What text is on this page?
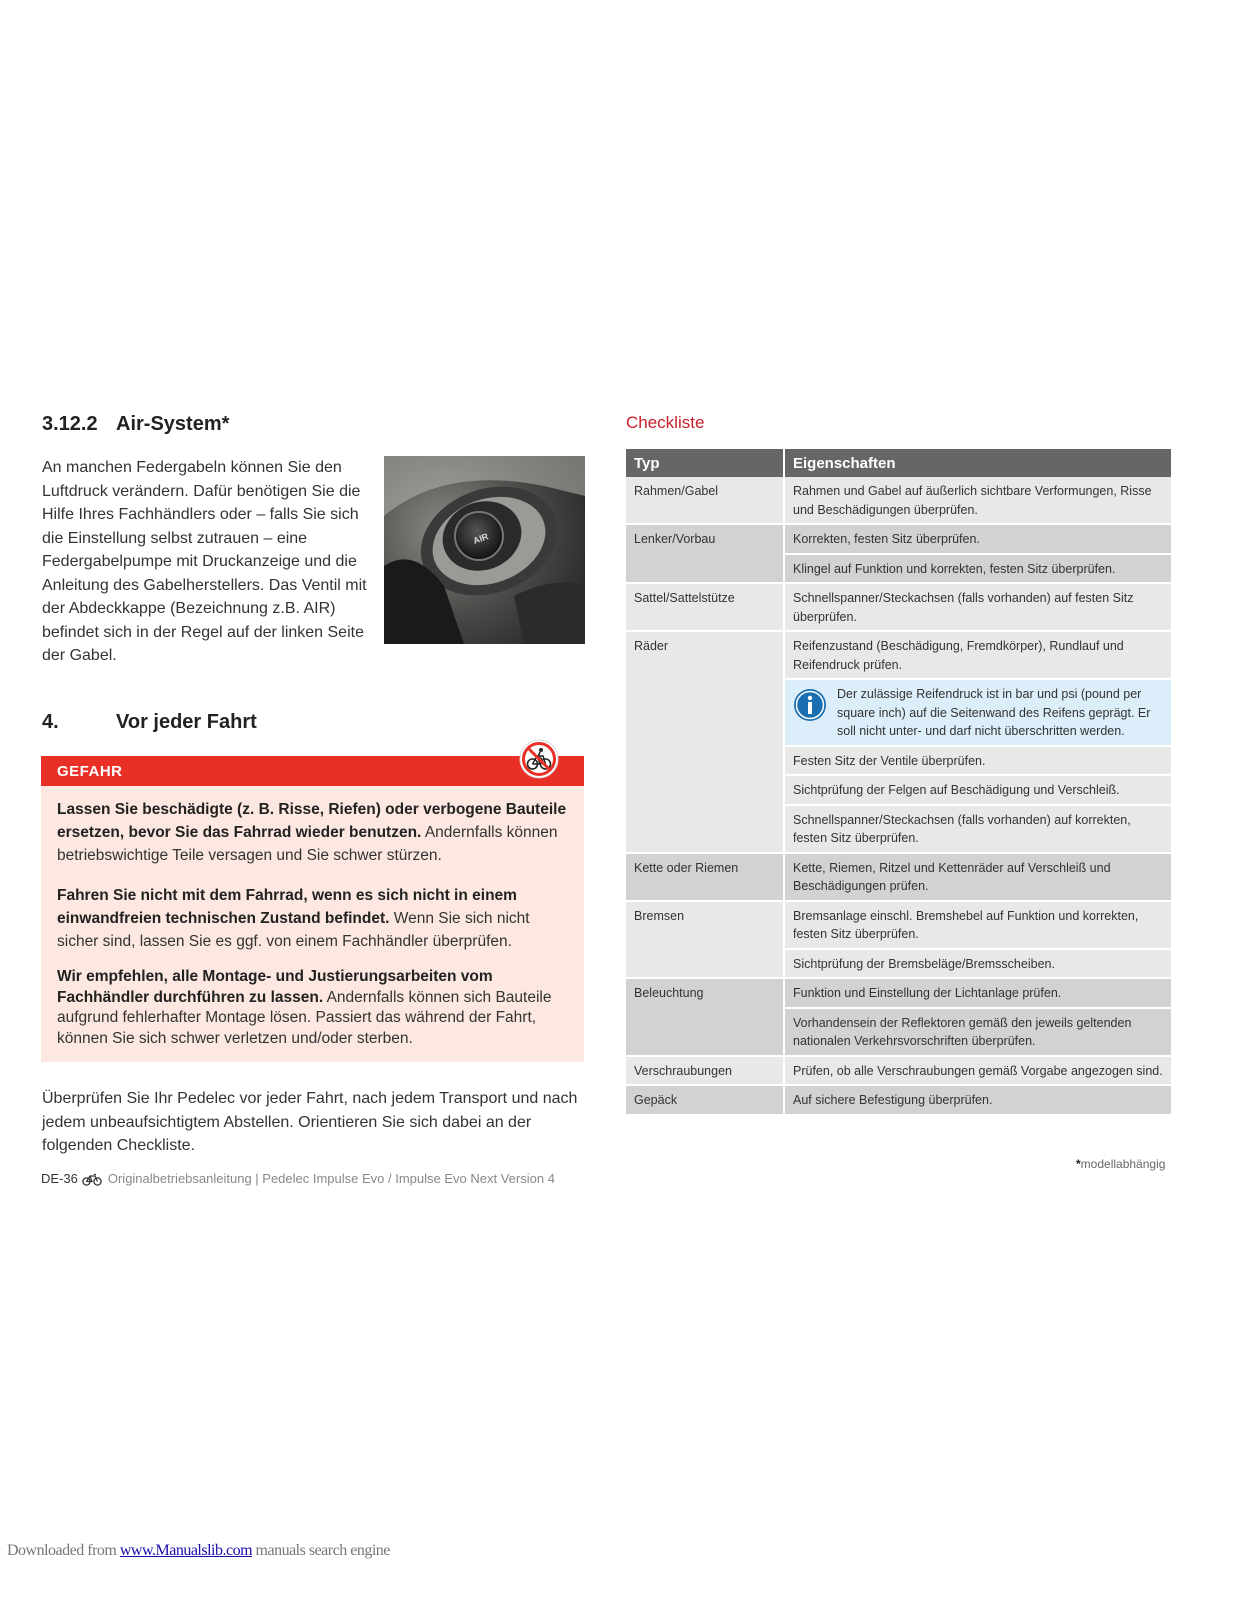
3.12.2 Air-System*
An manchen Federgabeln können Sie den Luftdruck verändern. Dafür benötigen Sie die Hilfe Ihres Fachhändlers oder – falls Sie sich die Einstellung selbst zutrauen – eine Federgabelpumpe mit Druckanzeige und die Anleitung des Gabelherstellers. Das Ventil mit der Abdeckkappe (Bezeichnung z.B. AIR) befindet sich in der Regel auf der linken Seite der Gabel.
AIR
4.	Vor jeder Fahrt
GEFAHR
Lassen Sie beschädigte (z. B. Risse, Riefen) oder verbogene Bauteile ersetzen, bevor Sie das Fahrrad wieder benutzen. Andernfalls können betriebswichtige Teile versagen und Sie schwer stürzen.
Fahren Sie nicht mit dem Fahrrad, wenn es sich nicht in einem einwandfreien technischen Zustand befindet. Wenn Sie sich nicht sicher sind, lassen Sie es ggf. von einem Fachhändler überprüfen.
Wir empfehlen, alle Montage- und Justierungsarbeiten vom Fachhändler durchführen zu lassen. Andernfalls können sich Bauteile aufgrund fehlerhafter Montage lösen. Passiert das während der Fahrt, können Sie sich schwer verletzen und/oder sterben.
Überprüfen Sie Ihr Pedelec vor jeder Fahrt, nach jedem Transport und nach jedem unbeaufsichtigtem Abstellen. Orientieren Sie sich dabei an der folgenden Checkliste.
DE-36 Originalbetriebsanleitung | Pedelec Impulse Evo / Impulse Evo Next Version 4
Checkliste
Typ	Eigenschaften
Rahmen/Gabel	Rahmen und Gabel auf äußerlich sichtbare Verformungen, Risse und Beschädigungen überprüfen.
Lenker/Vorbau	Korrekten, festen Sitz überprüfen.
	Klingel auf Funktion und korrekten, festen Sitz überprüfen.
Sattel/Sattelstütze	Schnellspanner/Steckachsen (falls vorhanden) auf festen Sitz überprüfen.
Räder	Reifenzustand (Beschädigung, Fremdkörper), Rundlauf und Reifendruck prüfen.

Der zulässige Reifendruck ist in bar und psi (pound per square inch) auf die Seitenwand des Reifens geprägt. Er soll nicht unter- und darf nicht überschritten werden.

	Festen Sitz der Ventile überprüfen.
	Sichtprüfung der Felgen auf Beschädigung und Verschleiß.
	Schnellspanner/Steckachsen (falls vorhanden) auf korrekten, festen Sitz überprüfen.
Kette oder Riemen	Kette, Riemen, Ritzel und Kettenräder auf Verschleiß und Beschädigungen prüfen.
Bremsen	Bremsanlage einschl. Bremshebel auf Funktion und korrekten, festen Sitz überprüfen.
	Sichtprüfung der Bremsbeläge/Bremsscheiben.
Beleuchtung	Funktion und Einstellung der Lichtanlage prüfen.
	Vorhandensein der Reflektoren gemäß den jeweils geltenden nationalen Verkehrsvorschriften überprüfen.
Verschraubungen	Prüfen, ob alle Verschraubungen gemäß Vorgabe angezogen sind.
Gepäck	Auf sichere Befestigung überprüfen.
*modellabhängig
Downloaded from www.Manualslib.com manuals search engine
